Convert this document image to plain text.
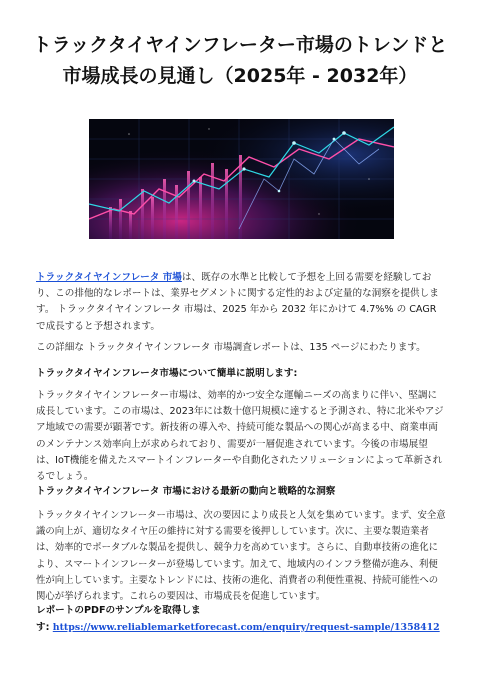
トラックタイヤインフレーター市場のトレンドと市場成長の見通し（2025年 - 2032年）

トラックタイヤインフレータ 市場は、既存の水準と比較して予想を上回る需要を経験しており、この排他的なレポートは、業界セグメントに関する定性的および定量的な洞察を提供します。 トラックタイヤインフレータ 市場は、2025 年から 2032 年にかけて 4.7%% の CAGR で成長すると予想されます。

この詳細な トラックタイヤインフレータ 市場調査レポートは、135 ページにわたります。

トラックタイヤインフレータ市場について簡単に説明します:

トラックタイヤインフレーター市場は、効率的かつ安全な運輸ニーズの高まりに伴い、堅調に成長しています。この市場は、2023年には数十億円規模に達すると予測され、特に北米やアジア地域での需要が顕著です。新技術の導入や、持続可能な製品への関心が高まる中、商業車両のメンテナンス効率向上が求められており、需要が一層促進されています。今後の市場展望は、IoT機能を備えたスマートインフレーターや自動化されたソリューションによって革新されるでしょう。

トラックタイヤインフレータ 市場における最新の動向と戦略的な洞察

トラックタイヤインフレーター市場は、次の要因により成長と人気を集めています。まず、安全意識の向上が、適切なタイヤ圧の維持に対する需要を後押ししています。次に、主要な製造業者は、効率的でポータブルな製品を提供し、競争力を高めています。さらに、自動車技術の進化により、スマートインフレーターが登場しています。加えて、地域内のインフラ整備が進み、利便性が向上しています。主要なトレンドには、技術の進化、消費者の利便性重視、持続可能性への関心が挙げられます。これらの要因は、市場成長を促進しています。

レポートのPDFのサンプルを取得しま

す: https://www.reliablemarketforecast.com/enquiry/request-sample/1358412
